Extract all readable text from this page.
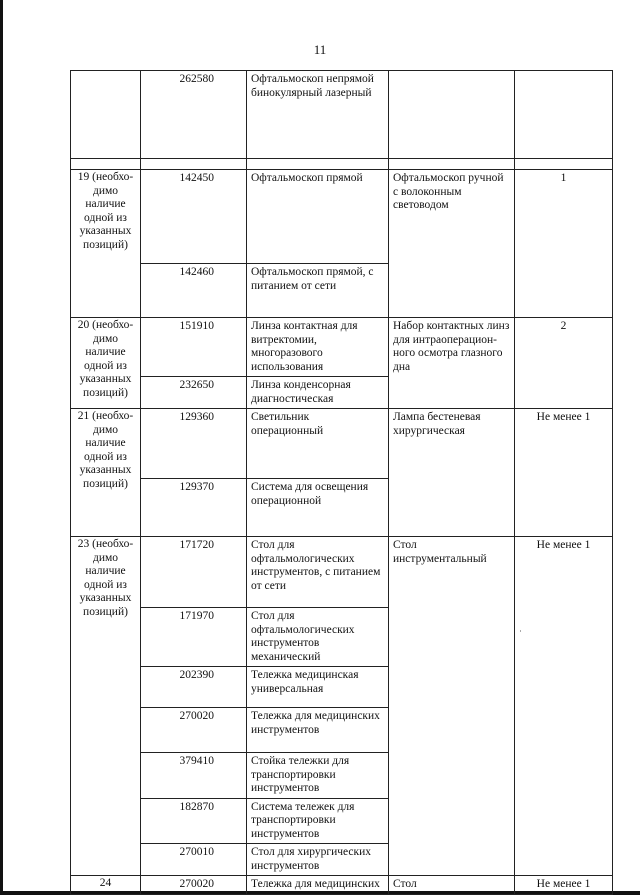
11
	262580	Офтальмоскоп непрямой бинокулярный лазерный		

19 (необхо- димо наличие одной из указанных позиций)	142450	Офтальмоскоп прямой	Офтальмоскоп ручной с волоконным световодом	1
	142460	Офтальмоскоп прямой, с питанием от сети		
20 (необхо- димо наличие одной из указанных позиций)	151910	Линза контактная для витректомии, многоразового использования	Набор контактных линз для интраоперацион- ного осмотра глазного дна	2
	232650	Линза конденсорная диагностическая		
21 (необхо- димо наличие одной из указанных позиций)	129360	Светильник операционный	Лампа бестеневая хирургическая	Не менее 1
	129370	Система для освещения операционной		
23 (необхо- димо наличие одной из указанных позиций)	171720	Стол для офтальмологических инструментов, с питанием от сети	Стол инструментальный	Не менее 1
	171970	Стол для офтальмологических инструментов механический		
	202390	Тележка медицинская универсальная		
	270020	Тележка для медицинских инструментов		
	379410	Стойка тележки для транспортировки инструментов		
	182870	Система тележек для транспортировки инструментов		
	270010	Стол для хирургических инструментов		
24	270020	Тележка для медицинских	Стол	Не менее 1
